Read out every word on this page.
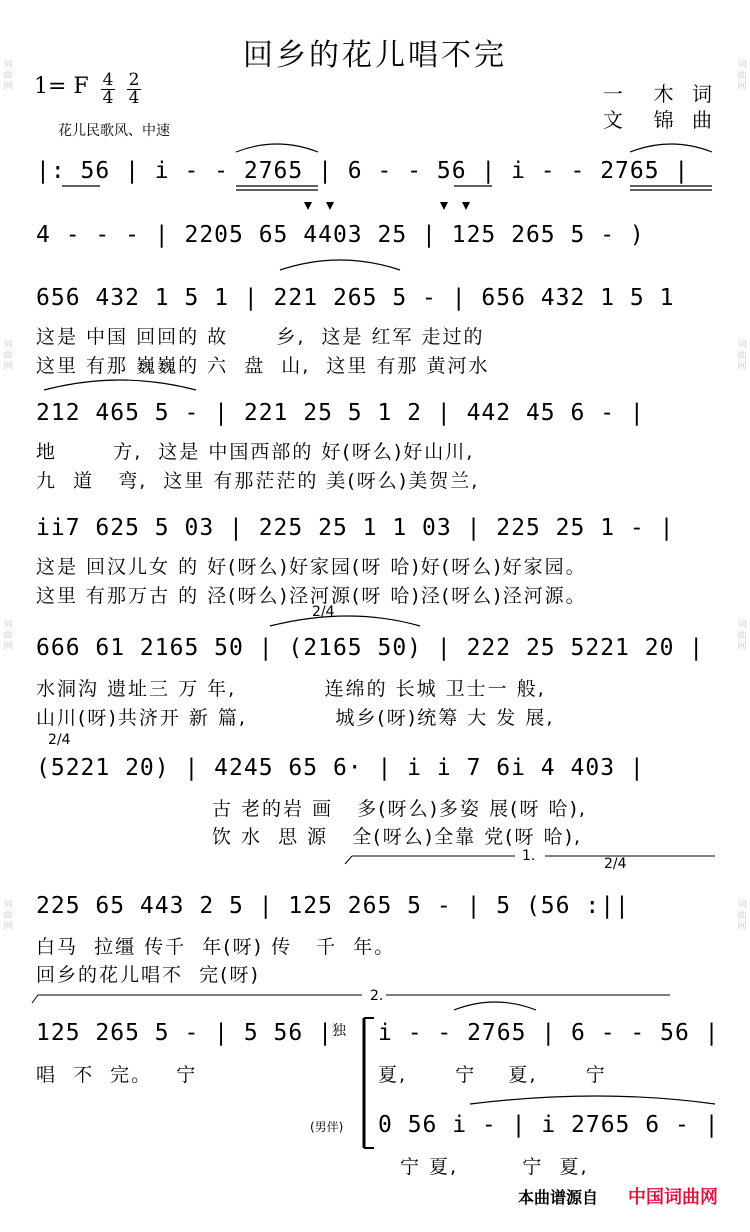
回乡的花儿唱不完
1= F 4
4
2
4	一  木 词
文  锦 曲
花儿民歌风、中速
|: 56 | i - - 2765 | 6 - - 56 | i - - 2765 |
4 - - - | 2205 65 4403 25 | 125 265 5 - )
656 432 1 5 1 | 221 265 5 - | 656 432 1 5 1
这是 中国 回回的 故      乡,  这是 红军 走过的
这里 有那 巍巍的 六  盘  山,  这里 有那 黄河水
212 465 5 - | 221 25 5 1 2 | 442 45 6 - |
地       方,  这是 中国西部的 好(呀么)好山川,
九  道   弯,  这里 有那茫茫的 美(呀么)美贺兰,
ii7 625 5 03 | 225 25 1 1 03 | 225 25 1 - |
这是 回汉儿女 的 好(呀么)好家园(呀 哈)好(呀么)好家园。
这里 有那万古 的 泾(呀么)泾河源(呀 哈)泾(呀么)泾河源。
2/4
666 61 2165 50 | (2165 50) | 222 25 5221 20 |
水洞沟 遗址三 万 年,           连绵的 长城 卫士一 般,
山川(呀)共济开 新 篇,           城乡(呀)统筹 大 发 展,
2/4
(5221 20) | 4245 65 6· | i i 7 6i 4 403 |
古 老的岩 画   多(呀么)多姿 展(呀 哈),
饮 水  思 源   全(呀么)全靠 党(呀 哈),
1.	2/4
225 65 443 2 5 | 125 265 5 - | 5 (56 :||
白马  拉缰 传千  年(呀) 传   千  年。
回乡的花儿唱不  完(呀)
2.
125 265 5 - | 5 56 |
唱  不  完。   宁
独 i - - 2765 | 6 - - 56 |
夏,      宁    夏,      宁
(男伴) 0 56 i - | i 2765 6 - |
宁 夏,        宁  夏,
本曲谱源自 中国词曲网
词曲网
词曲网
词曲网
词曲网
词曲网
词曲网
词曲网
词曲网
